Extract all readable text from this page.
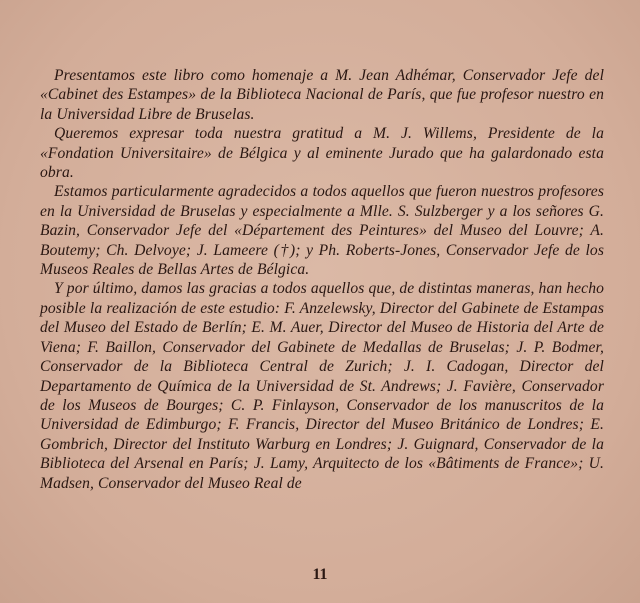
Presentamos este libro como homenaje a M. Jean Adhémar, Conservador Jefe del «Cabinet des Estampes» de la Biblioteca Nacional de París, que fue profesor nuestro en la Universidad Libre de Bruselas.

Queremos expresar toda nuestra gratitud a M. J. Willems, Presidente de la «Fondation Universitaire» de Bélgica y al eminente Jurado que ha galardonado esta obra.

Estamos particularmente agradecidos a todos aquellos que fueron nuestros profesores en la Universidad de Bruselas y especialmente a Mlle. S. Sulzberger y a los señores G. Bazin, Conservador Jefe del «Département des Peintures» del Museo del Louvre; A. Boutemy; Ch. Delvoye; J. Lameere (†); y Ph. Roberts-Jones, Conservador Jefe de los Museos Reales de Bellas Artes de Bélgica.

Y por último, damos las gracias a todos aquellos que, de distintas maneras, han hecho posible la realización de este estudio: F. Anzelewsky, Director del Gabinete de Estampas del Museo del Estado de Berlín; E. M. Auer, Director del Museo de Historia del Arte de Viena; F. Baillon, Conservador del Gabinete de Medallas de Bruselas; J. P. Bodmer, Conservador de la Biblioteca Central de Zurich; J. I. Cadogan, Director del Departamento de Química de la Universidad de St. Andrews; J. Favière, Conservador de los Museos de Bourges; C. P. Finlayson, Conservador de los manuscritos de la Universidad de Edimburgo; F. Francis, Director del Museo Británico de Londres; E. Gombrich, Director del Instituto Warburg en Londres; J. Guignard, Conservador de la Biblioteca del Arsenal en París; J. Lamy, Arquitecto de los «Bâtiments de France»; U. Madsen, Conservador del Museo Real de

11
